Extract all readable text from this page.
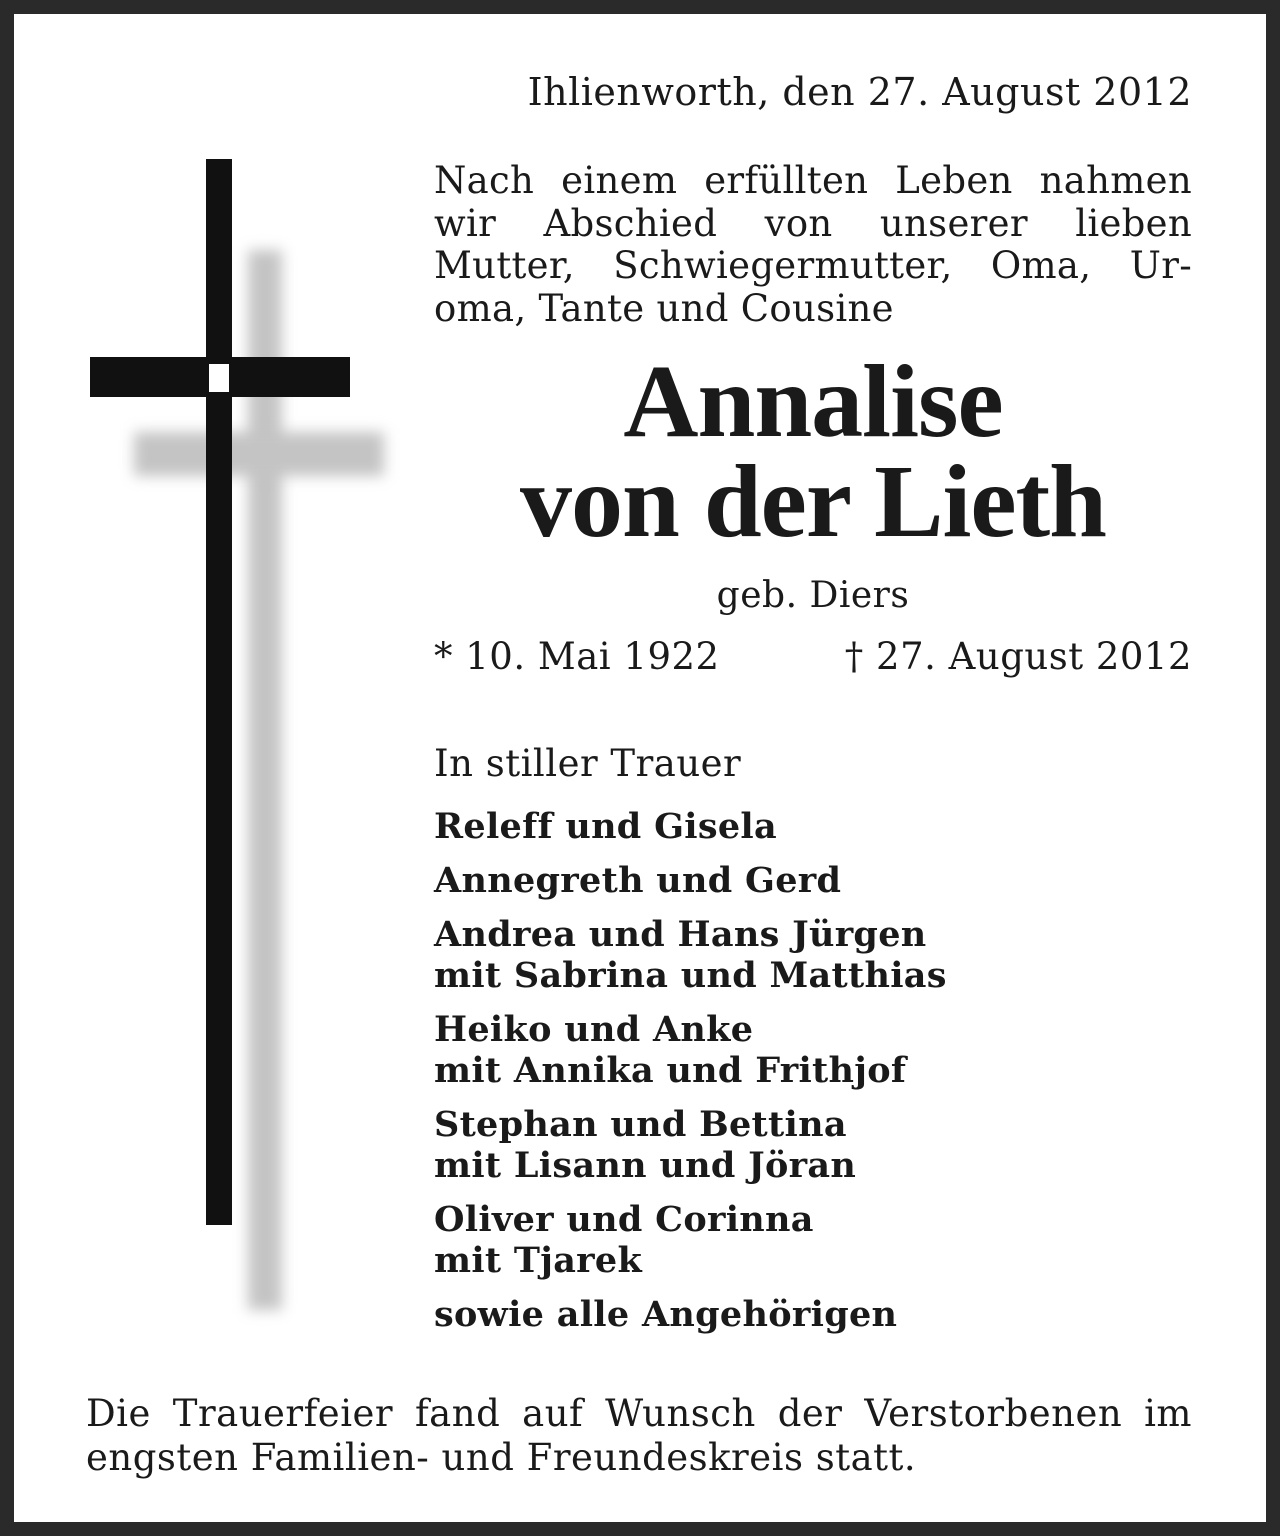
Ihlienworth, den 27. August 2012
Nach einem erfüllten Leben nahmen
wir Abschied von unserer lieben
Mutter, Schwiegermutter, Oma, Ur-
oma, Tante und Cousine
Annalise
von der Lieth
geb. Diers
* 10. Mai 1922	† 27. August 2012
In stiller Trauer
Releff und Gisela
Annegreth und Gerd
Andrea und Hans Jürgen
mit Sabrina und Matthias
Heiko und Anke
mit Annika und Frithjof
Stephan und Bettina
mit Lisann und Jöran
Oliver und Corinna
mit Tjarek
sowie alle Angehörigen
Die Trauerfeier fand auf Wunsch der Verstorbenen im
engsten Familien- und Freundeskreis statt.
